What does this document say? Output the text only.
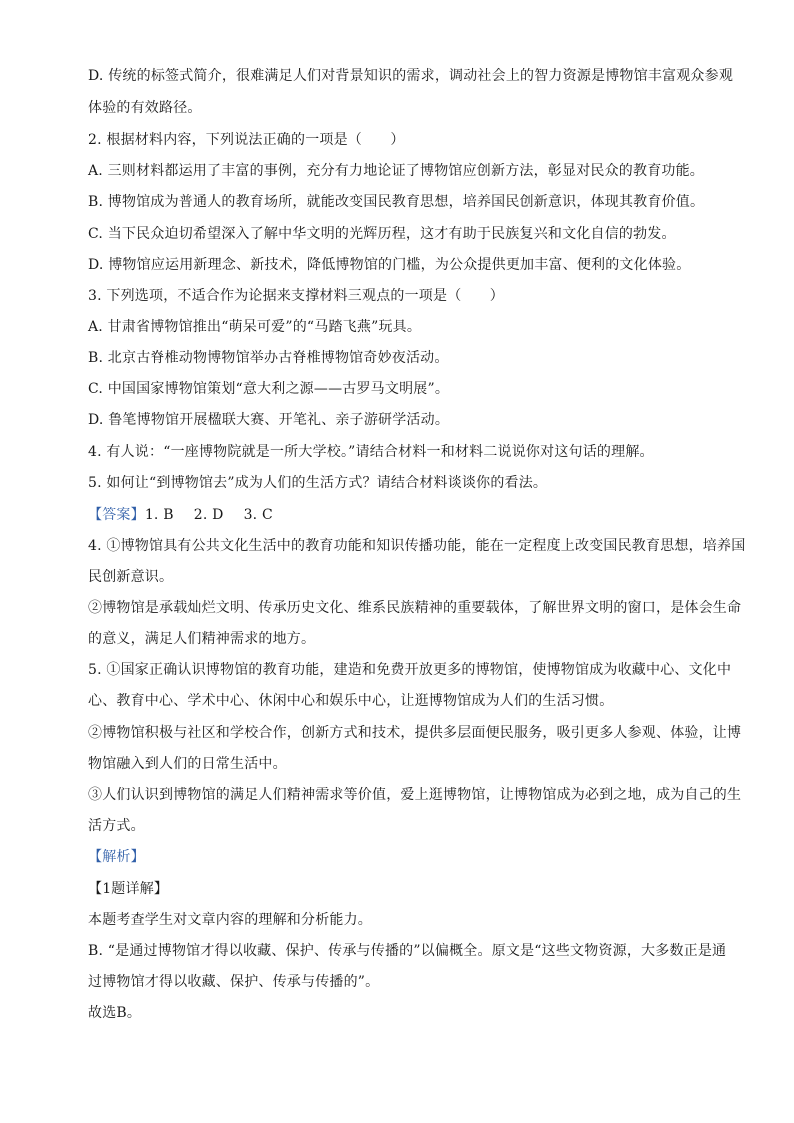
D. 传统的标签式简介，很难满足人们对背景知识的需求，调动社会上的智力资源是博物馆丰富观众参观
体验的有效路径。
2. 根据材料内容，下列说法正确的一项是（　　）
A. 三则材料都运用了丰富的事例，充分有力地论证了博物馆应创新方法，彰显对民众的教育功能。
B. 博物馆成为普通人的教育场所，就能改变国民教育思想，培养国民创新意识，体现其教育价值。
C. 当下民众迫切希望深入了解中华文明的光辉历程，这才有助于民族复兴和文化自信的勃发。
D. 博物馆应运用新理念、新技术，降低博物馆的门槛，为公众提供更加丰富、便利的文化体验。
3. 下列选项，不适合作为论据来支撑材料三观点的一项是（　　）
A. 甘肃省博物馆推出“萌呆可爱”的“马踏飞燕”玩具。
B. 北京古脊椎动物博物馆举办古脊椎博物馆奇妙夜活动。
C. 中国国家博物馆策划“意大利之源——古罗马文明展”。
D. 鲁笔博物馆开展楹联大赛、开笔礼、亲子游研学活动。
4. 有人说：“一座博物院就是一所大学校。”请结合材料一和材料二说说你对这句话的理解。
5. 如何让“到博物馆去”成为人们的生活方式？请结合材料谈谈你的看法。
【答案】1. B 2. D 3. C
4. ①博物馆具有公共文化生活中的教育功能和知识传播功能，能在一定程度上改变国民教育思想，培养国
民创新意识。
②博物馆是承载灿烂文明、传承历史文化、维系民族精神的重要载体，了解世界文明的窗口，是体会生命
的意义，满足人们精神需求的地方。
5. ①国家正确认识博物馆的教育功能，建造和免费开放更多的博物馆，使博物馆成为收藏中心、文化中
心、教育中心、学术中心、休闲中心和娱乐中心，让逛博物馆成为人们的生活习惯。
②博物馆积极与社区和学校合作，创新方式和技术，提供多层面便民服务，吸引更多人参观、体验，让博
物馆融入到人们的日常生活中。
③人们认识到博物馆的满足人们精神需求等价值，爱上逛博物馆，让博物馆成为必到之地，成为自己的生
活方式。
【解析】
【1题详解】
本题考查学生对文章内容的理解和分析能力。
B. “是通过博物馆才得以收藏、保护、传承与传播的”以偏概全。原文是“这些文物资源，大多数正是通
过博物馆才得以收藏、保护、传承与传播的”。
故选B。
